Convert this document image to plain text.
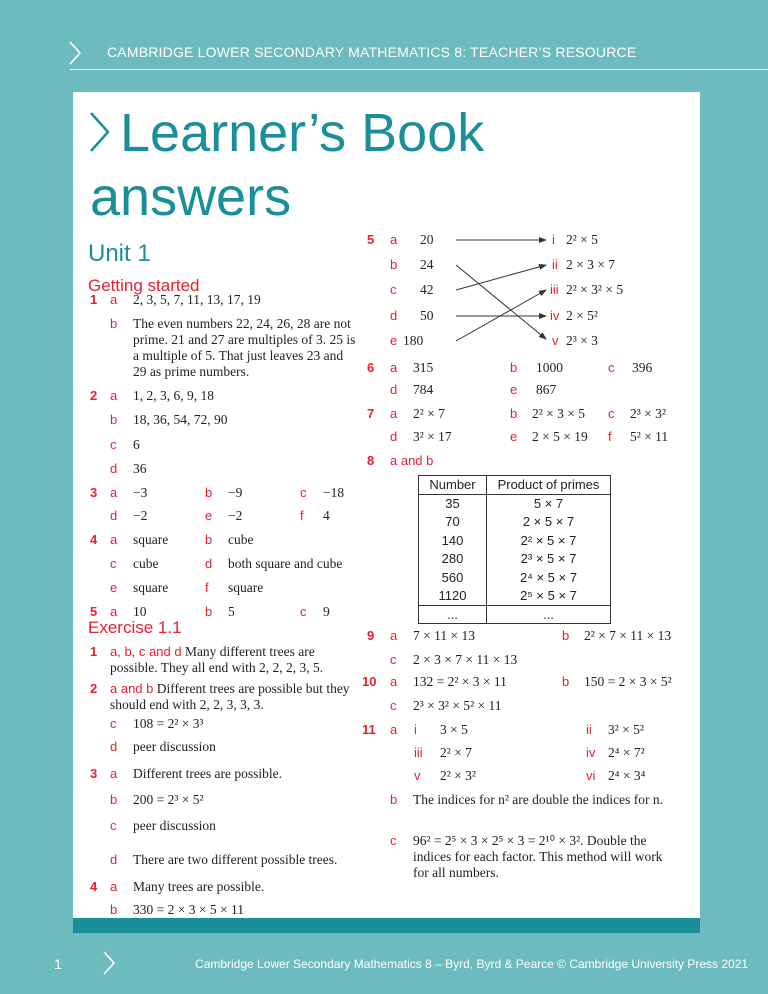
CAMBRIDGE LOWER SECONDARY MATHEMATICS 8: TEACHER’S RESOURCE
Learner’s Book
answers
Unit 1
Getting started
1 a 2, 3, 5, 7, 11, 13, 17, 19
b The even numbers 22, 24, 26, 28 are not prime. 21 and 27 are multiples of 3. 25 is a multiple of 5. That just leaves 23 and 29 as prime numbers.
2 a 1, 2, 3, 6, 9, 18
b 18, 36, 54, 72, 90
c 6
d 36
3 a −3	b −9	c −18
d −2	e −2	f 4
4 a square	b cube
c cube	d both square and cube
e square	f square
5 a 10	b 5	c 9
Exercise 1.1
1 a, b, c and d Many different trees are possible. They all end with 2, 2, 2, 3, 5.
2 a and b Different trees are possible but they should end with 2, 2, 3, 3, 3.
c 108 = 2² × 3³
d peer discussion
3 a Different trees are possible.
b 200 = 2³ × 5²
c peer discussion
d There are two different possible trees.
4 a Many trees are possible.
b 330 = 2 × 3 × 5 × 11
5 a 20
b 24
c 42
d 50
e 180
i 2² × 5
ii 2 × 3 × 7
iii 2² × 3² × 5
iv 2 × 5²
v 2³ × 3
6 a 315	b 1000	c 396
d 784	e 867
7 a 2² × 7	b 2² × 3 × 5 c 2³ × 3²
d 3² × 17	e 2 × 5 × 19 f 5² × 11
8 a and b
Number	Product of primes
35	5 × 7
70	2 × 5 × 7
140	2² × 5 × 7
280	2³ × 5 × 7
560	2⁴ × 5 × 7
1120	2⁵ × 5 × 7
...	...
9 a 7 × 11 × 13	b 2² × 7 × 11 × 13
c 2 × 3 × 7 × 11 × 13
10 a 132 = 2² × 3 × 11	b 150 = 2 × 3 × 5²
c 2³ × 3² × 5² × 11
11 a i 3 × 5	ii 3² × 5²
iii 2² × 7	iv 2⁴ × 7²
v 2² × 3²	vi 2⁴ × 3⁴
b The indices for n² are double the indices for n.
c 96² = 2⁵ × 3 × 2⁵ × 3 = 2¹⁰ × 3². Double the indices for each factor. This method will work for all numbers.
1	Cambridge Lower Secondary Mathematics 8 – Byrd, Byrd & Pearce © Cambridge University Press 2021
